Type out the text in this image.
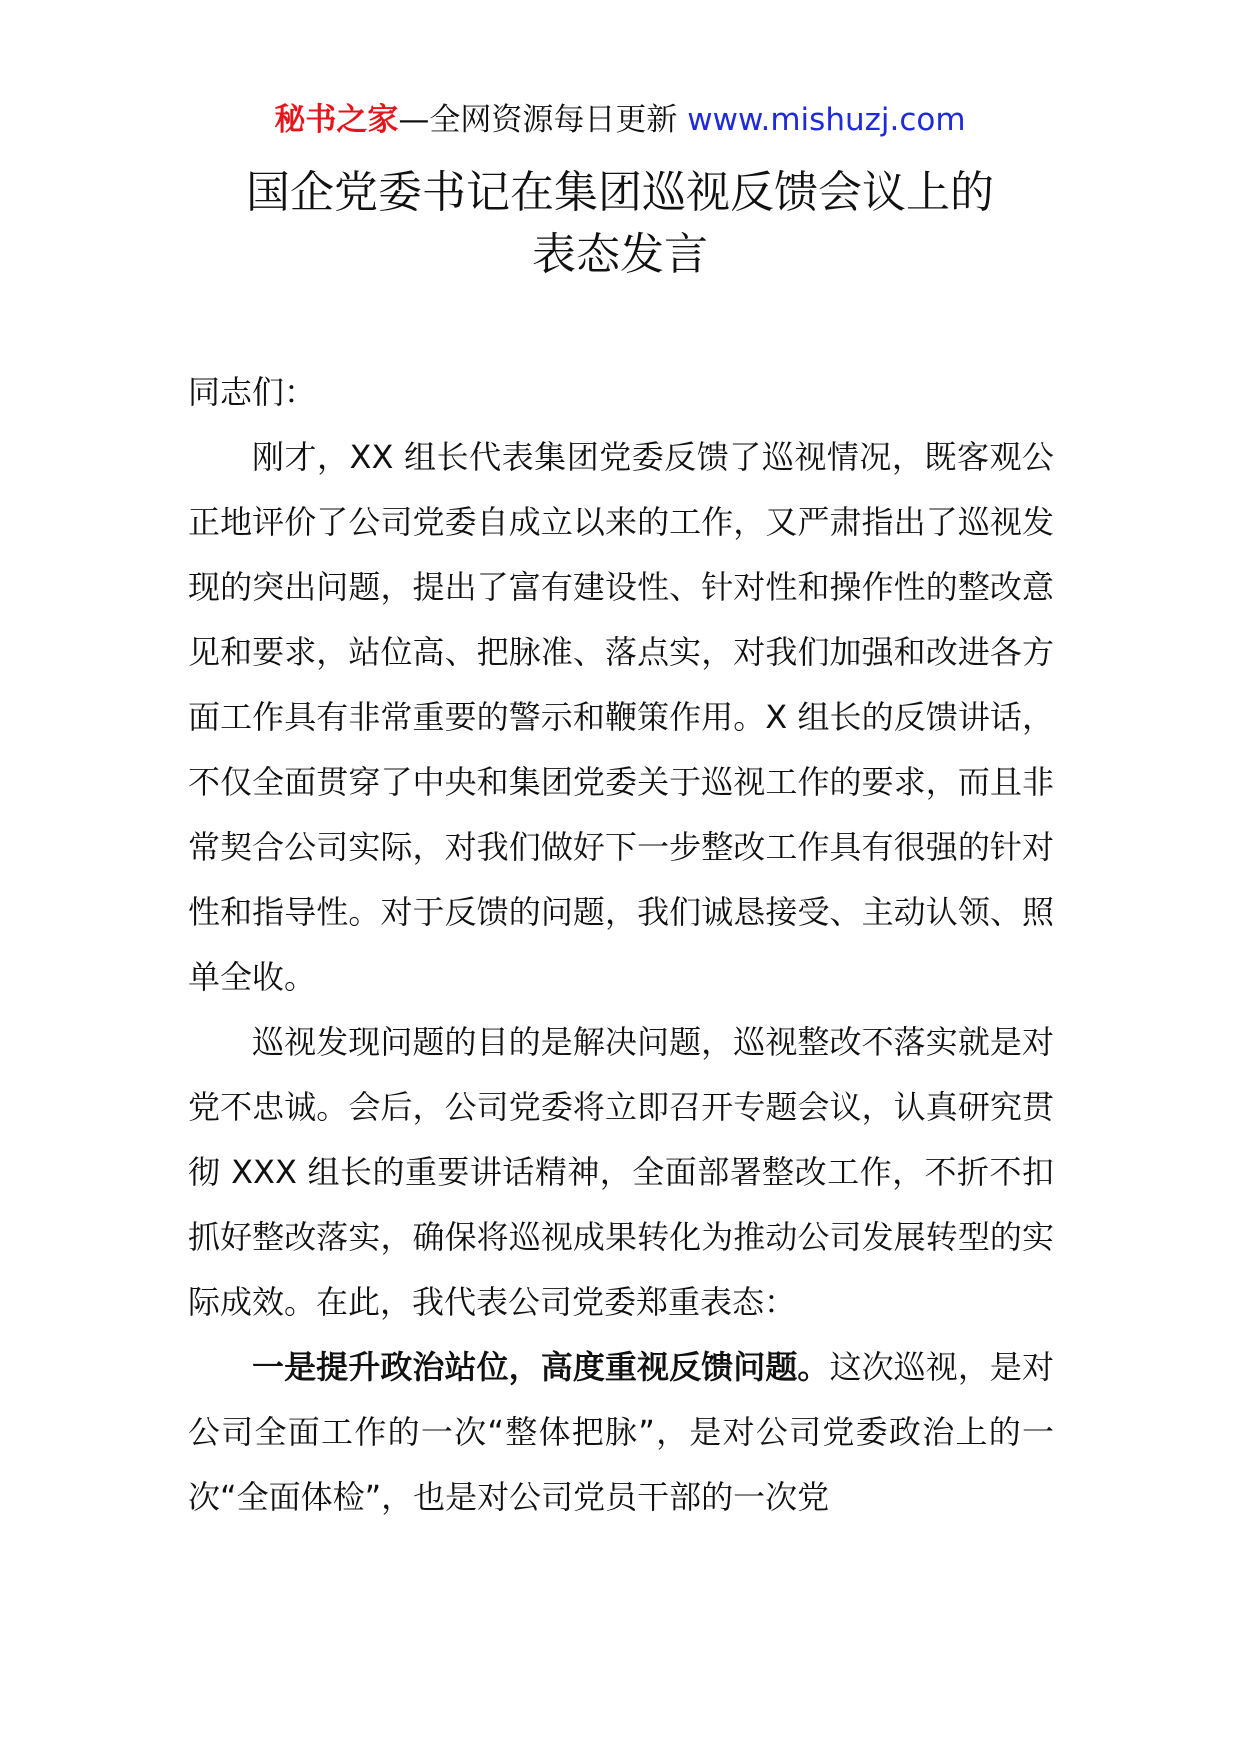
秘书之家—全网资源每日更新 www.mishuzj.com
国企党委书记在集团巡视反馈会议上的
表态发言

同志们：

刚才，XX 组长代表集团党委反馈了巡视情况，既客观公正地评价了公司党委自成立以来的工作，又严肃指出了巡视发现的突出问题，提出了富有建设性、针对性和操作性的整改意见和要求，站位高、把脉准、落点实，对我们加强和改进各方面工作具有非常重要的警示和鞭策作用。X 组长的反馈讲话，不仅全面贯穿了中央和集团党委关于巡视工作的要求，而且非常契合公司实际，对我们做好下一步整改工作具有很强的针对性和指导性。对于反馈的问题，我们诚恳接受、主动认领、照单全收。

巡视发现问题的目的是解决问题，巡视整改不落实就是对党不忠诚。会后，公司党委将立即召开专题会议，认真研究贯彻 XXX 组长的重要讲话精神，全面部署整改工作，不折不扣抓好整改落实，确保将巡视成果转化为推动公司发展转型的实际成效。在此，我代表公司党委郑重表态：

一是提升政治站位，高度重视反馈问题。这次巡视，是对公司全面工作的一次“整体把脉”，是对公司党委政治上的一次“全面体检”，也是对公司党员干部的一次党
